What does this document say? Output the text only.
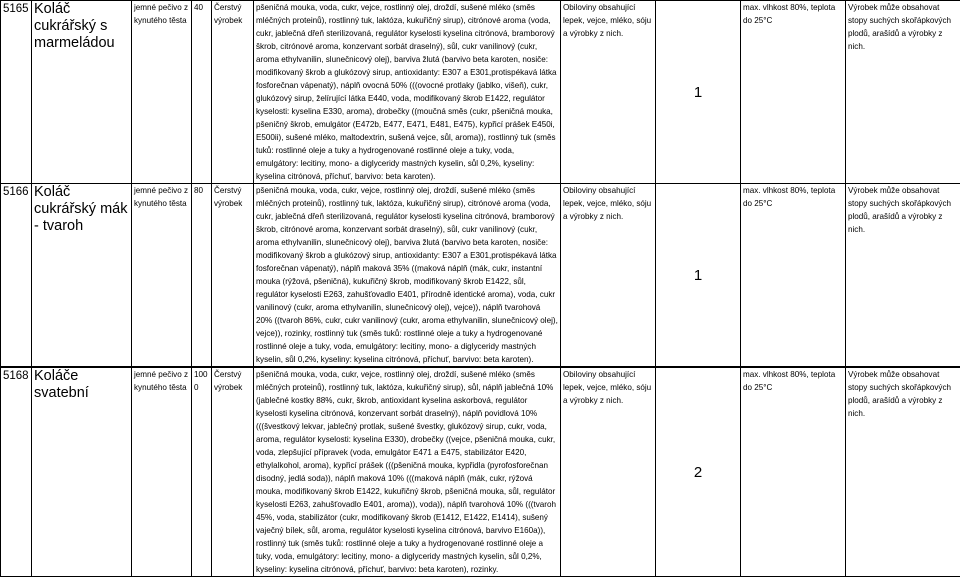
5165	Koláč cukrářský s marmeládou	jemné pečivo z kynutého těsta	40	Čerstvý výrobek	pšeničná mouka, voda, cukr, vejce, rostlinný olej, droždí, sušené mléko (směs mléčných proteinů), rostlinný tuk, laktóza, kukuřičný sirup), citrónové aroma (voda, cukr, jablečná dřeň sterilizovaná, regulátor kyselosti kyselina citrónová, bramborový škrob, citrónové aroma, konzervant sorbát draselný), sůl, cukr vanilinový (cukr, aroma ethylvanilin, slunečnicový olej), barviva žlutá (barvivo beta karoten, nosiče: modifikovaný škrob a glukózový sirup, antioxidanty: E307 a E301,protispékavá látka fosforečnan vápenatý), náplň ovocná 50% (((ovocné protlaky (jablko, višeň), cukr, glukózový sirup, želírující látka E440, voda, modifikovaný škrob E1422, regulátor kyselosti: kyselina E330, aroma), drobečky ((moučná směs (cukr, pšeničná mouka, pšeničný škrob, emulgátor (E472b, E477, E471, E481, E475), kypřicí prášek E450i, E500ii), sušené mléko, maltodextrin, sušená vejce, sůl, aroma)), rostlinný tuk (směs tuků: rostlinné oleje a tuky a hydrogenované rostlinné oleje a tuky, voda, emulgátory: lecitiny, mono- a diglyceridy mastných kyselin, sůl 0,2%, kyseliny: kyselina citrónová, příchuť, barvivo: beta karoten).	Obiloviny obsahující lepek, vejce, mléko, sóju a výrobky z nich.	1	max. vlhkost 80%, teplota do 25°C	Výrobek může obsahovat stopy suchých skořápkových plodů, arašídů a výrobky z nich.
5166	Koláč cukrářský mák - tvaroh	jemné pečivo z kynutého těsta	80	Čerstvý výrobek	pšeničná mouka, voda, cukr, vejce, rostlinný olej, droždí, sušené mléko (směs mléčných proteinů), rostlinný tuk, laktóza, kukuřičný sirup), citrónové aroma (voda, cukr, jablečná dřeň sterilizovaná, regulátor kyselosti kyselina citrónová, bramborový škrob, citrónové aroma, konzervant sorbát draselný), sůl, cukr vanilinový (cukr, aroma ethylvanilin, slunečnicový olej), barviva žlutá (barvivo beta karoten, nosiče: modifikovaný škrob a glukózový sirup, antioxidanty: E307 a E301,protispékavá látka fosforečnan vápenatý), náplň maková 35% ((maková náplň (mák, cukr, instantní mouka (rýžová, pšeničná), kukuřičný škrob, modifikovaný škrob E1422, sůl, regulátor kyselosti E263, zahušťovadlo E401, přírodně identické aroma), voda, cukr vanilinový (cukr, aroma ethylvanilin, slunečnicový olej), vejce)), náplň tvarohová 20% ((tvaroh 86%, cukr, cukr vanilinový (cukr, aroma ethylvanilin, slunečnicový olej), vejce)), rozinky, rostlinný tuk (směs tuků: rostlinné oleje a tuky a hydrogenované rostlinné oleje a tuky, voda, emulgátory: lecitiny, mono- a diglyceridy mastných kyselin, sůl 0,2%, kyseliny: kyselina citrónová, příchuť, barvivo: beta karoten).	Obiloviny obsahující lepek, vejce, mléko, sóju a výrobky z nich.	1	max. vlhkost 80%, teplota do 25°C	Výrobek může obsahovat stopy suchých skořápkových plodů, arašídů a výrobky z nich.

5168	Koláče svatební	jemné pečivo z kynutého těsta	1000	Čerstvý výrobek	pšeničná mouka, voda, cukr, vejce, rostlinný olej, droždí, sušené mléko (směs mléčných proteinů), rostlinný tuk, laktóza, kukuřičný sirup), sůl, náplň jablečná 10% (jablečné kostky 88%, cukr, škrob, antioxidant kyselina askorbová, regulátor kyselosti kyselina citrónová, konzervant sorbát draselný), náplň povidlová 10% (((švestkový lekvar, jablečný protlak, sušené švestky, glukózový sirup, cukr, voda, aroma, regulátor kyselosti: kyselina E330), drobečky ((vejce, pšeničná mouka, cukr, voda, zlepšující přípravek (voda, emulgátor E471 a E475, stabilizátor E420, ethylalkohol, aroma), kypřicí prášek (((pšeničná mouka, kypřidla (pyrofosforečnan disodný, jedlá soda)), náplň maková 10% (((maková náplň (mák, cukr, rýžová mouka, modifikovaný škrob E1422, kukuřičný škrob, pšeničná mouka, sůl, regulátor kyselosti E263, zahušťovadlo E401, aroma)), voda)), náplň tvarohová 10% (((tvaroh 45%, voda, stabilizátor (cukr, modifikovaný škrob (E1412, E1422, E1414), sušený vaječný bílek, sůl, aroma, regulátor kyselosti kyselina citrónová, barvivo E160a)), rostlinný tuk (směs tuků: rostlinné oleje a tuky a hydrogenované rostlinné oleje a tuky, voda, emulgátory: lecitiny, mono- a diglyceridy mastných kyselin, sůl 0,2%, kyseliny: kyselina citrónová, příchuť, barvivo: beta karoten), rozinky.	Obiloviny obsahující lepek, vejce, mléko, sóju a výrobky z nich.	2	max. vlhkost 80%, teplota do 25°C	Výrobek může obsahovat stopy suchých skořápkových plodů, arašídů a výrobky z nich.
